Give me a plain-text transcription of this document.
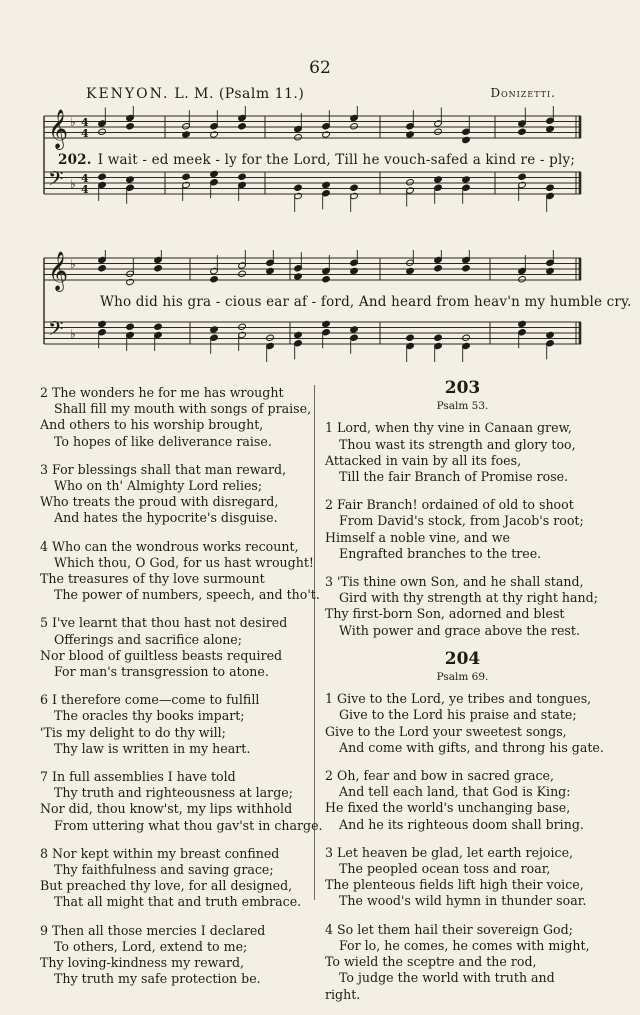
62
KENYON. L. M. (Psalm 11.)	Donizetti.
𝄞
𝄢
♭
♭
4
4
4
4
202. I wait - ed meek - ly for the Lord, Till he vouch-safed a kind re - ply;
𝄞
𝄢
♭
♭
Who did his gra - cious ear af - ford, And heard from heav'n my humble cry.
2 The wonders he for me has wrought
Shall fill my mouth with songs of praise,
And others to his worship brought,
To hopes of like deliverance raise.
3 For blessings shall that man reward,
Who on th' Almighty Lord relies;
Who treats the proud with disregard,
And hates the hypocrite's disguise.
4 Who can the wondrous works recount,
Which thou, O God, for us hast wrought!
The treasures of thy love surmount
The power of numbers, speech, and tho't.
5 I've learnt that thou hast not desired
Offerings and sacrifice alone;
Nor blood of guiltless beasts required
For man's transgression to atone.
6 I therefore come—come to fulfill
The oracles thy books impart;
'Tis my delight to do thy will;
Thy law is written in my heart.
7 In full assemblies I have told
Thy truth and righteousness at large;
Nor did, thou know'st, my lips withhold
From uttering what thou gav'st in charge.
8 Nor kept within my breast confined
Thy faithfulness and saving grace;
But preached thy love, for all designed,
That all might that and truth embrace.
9 Then all those mercies I declared
To others, Lord, extend to me;
Thy loving-kindness my reward,
Thy truth my safe protection be.
203
Psalm 53.
1 Lord, when thy vine in Canaan grew,
Thou wast its strength and glory too,
Attacked in vain by all its foes,
Till the fair Branch of Promise rose.
2 Fair Branch! ordained of old to shoot
From David's stock, from Jacob's root;
Himself a noble vine, and we
Engrafted branches to the tree.
3 'Tis thine own Son, and he shall stand,
Gird with thy strength at thy right hand;
Thy first-born Son, adorned and blest
With power and grace above the rest.
204
Psalm 69.
1 Give to the Lord, ye tribes and tongues,
Give to the Lord his praise and state;
Give to the Lord your sweetest songs,
And come with gifts, and throng his gate.
2 Oh, fear and bow in sacred grace,
And tell each land, that God is King:
He fixed the world's unchanging base,
And he its righteous doom shall bring.
3 Let heaven be glad, let earth rejoice,
The peopled ocean toss and roar,
The plenteous fields lift high their voice,
The wood's wild hymn in thunder soar.
4 So let them hail their sovereign God;
For lo, he comes, he comes with might,
To wield the sceptre and the rod,
To judge the world with truth and
right.
